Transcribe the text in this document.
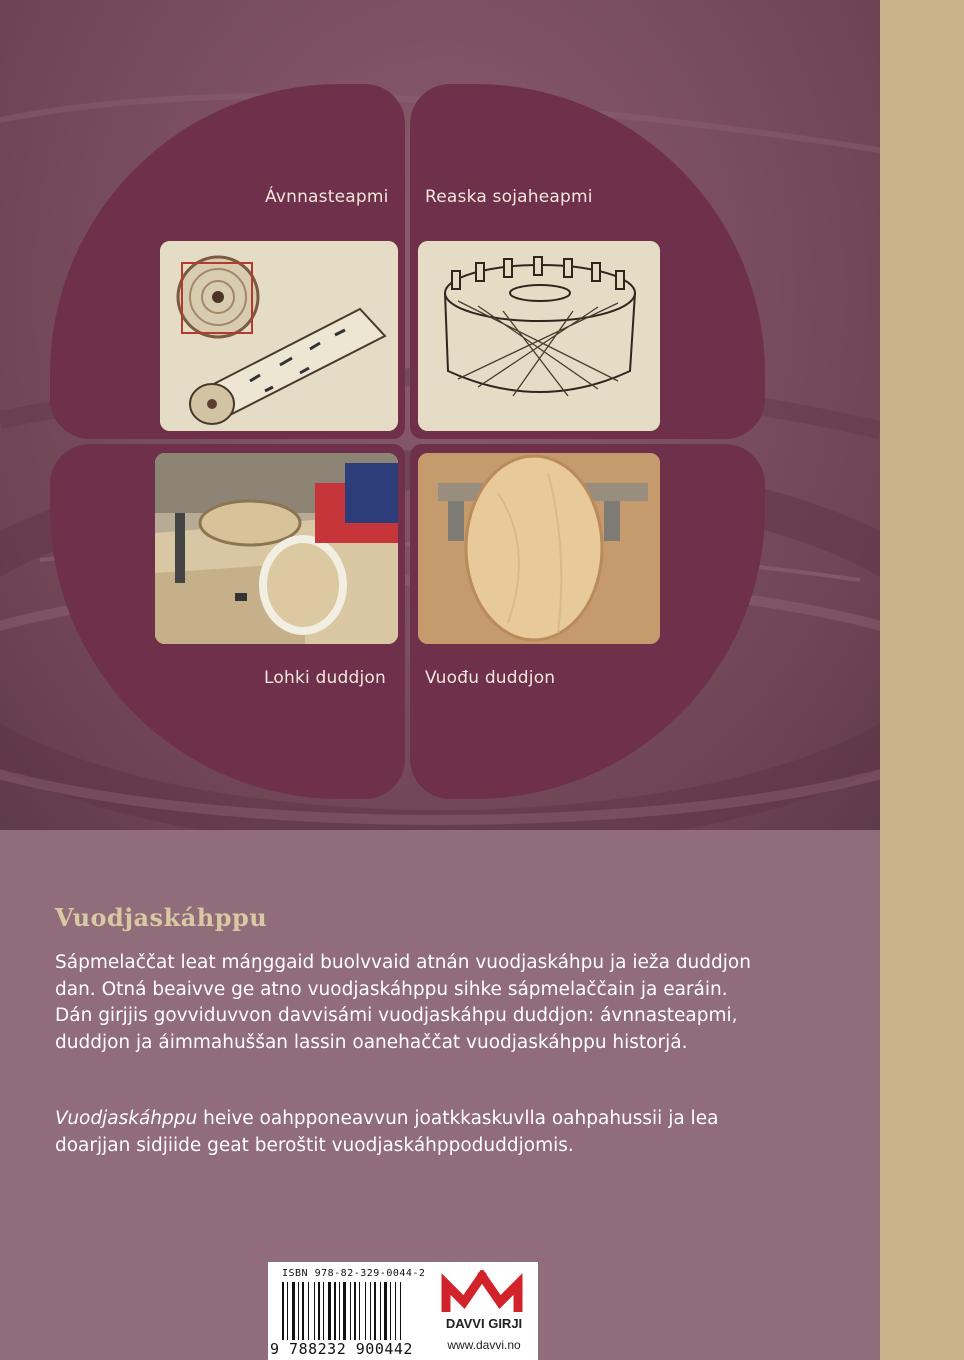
Ávnnasteapmi Reaska sojaheapmi
Lohki duddjon Vuođu duddjon
Vuodjaskáhppu

Sápmelaččat leat máŋggaid buolvvaid atnán vuodjaskáhpu ja ieža duddjon dan. Otná beaivve ge atno vuodjaskáhppu sihke sápmelaččain ja earáin. Dán girjjis govviduvvon davvisámi vuodjaskáhpu duddjon: ávnnasteapmi, duddjon ja áimmahuššan lassin oanehaččat vuodjaskáhppu historjá.

Vuodjaskáhppu heive oahpponeavvun joatkkaskuvlla oahpahussii ja lea doarjjan sidjiide geat beroštit vuodjaskáhppoduddjomis.

ISBN 978-82-329-0044-2
9 788232 900442
DAVVI GIRJI
www.davvi.no
